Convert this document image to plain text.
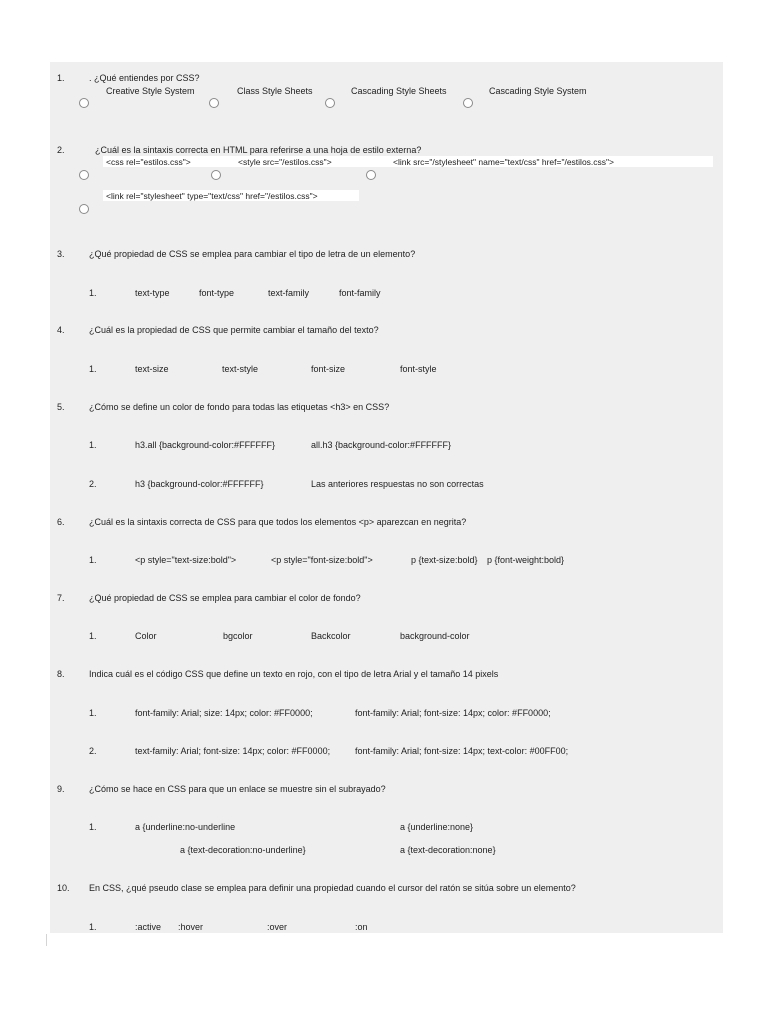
1.	. ¿Qué entiendes por CSS?
Creative Style System	Class Style Sheets	Cascading Style Sheets	Cascading Style System
2.	¿Cuál es la sintaxis correcta en HTML para referirse a una hoja de estilo externa?
<css rel="estilos.css">	<style src="/estilos.css">	<link src="/stylesheet" name="text/css" href="/estilos.css">
<link rel="stylesheet" type="text/css" href="/estilos.css">
3.	¿Qué propiedad de CSS se emplea para cambiar el tipo de letra de un elemento?
1.	text-type	font-type	text-family	font-family
4.	¿Cuál es la propiedad de CSS que permite cambiar el tamaño del texto?
1.	text-size	text-style	font-size	font-style
5.	¿Cómo se define un color de fondo para todas las etiquetas <h3> en CSS?
1.	h3.all {background-color:#FFFFFF}	all.h3 {background-color:#FFFFFF}
2.	h3 {background-color:#FFFFFF}	Las anteriores respuestas no son correctas
6.	¿Cuál es la sintaxis correcta de CSS para que todos los elementos <p> aparezcan en negrita?
1.	<p style="text-size:bold">	<p style="font-size:bold">	p {text-size:bold} p {font-weight:bold}
7.	¿Qué propiedad de CSS se emplea para cambiar el color de fondo?
1.	Color	bgcolor	Backcolor	background-color
8.	Indica cuál es el código CSS que define un texto en rojo, con el tipo de letra Arial y el tamaño 14 pixels
1.	font-family: Arial; size: 14px; color: #FF0000;	font-family: Arial; font-size: 14px; color: #FF0000;
2.	text-family: Arial; font-size: 14px; color: #FF0000;	font-family: Arial; font-size: 14px; text-color: #00FF00;
9.	¿Cómo se hace en CSS para que un enlace se muestre sin el subrayado?
1.	a {underline:no-underline	a {underline:none}
a {text-decoration:no-underline}	a {text-decoration:none}
10. En CSS, ¿qué pseudo clase se emplea para definir una propiedad cuando el cursor del ratón se sitúa sobre un elemento?
1.	:active :hover	:over	:on
